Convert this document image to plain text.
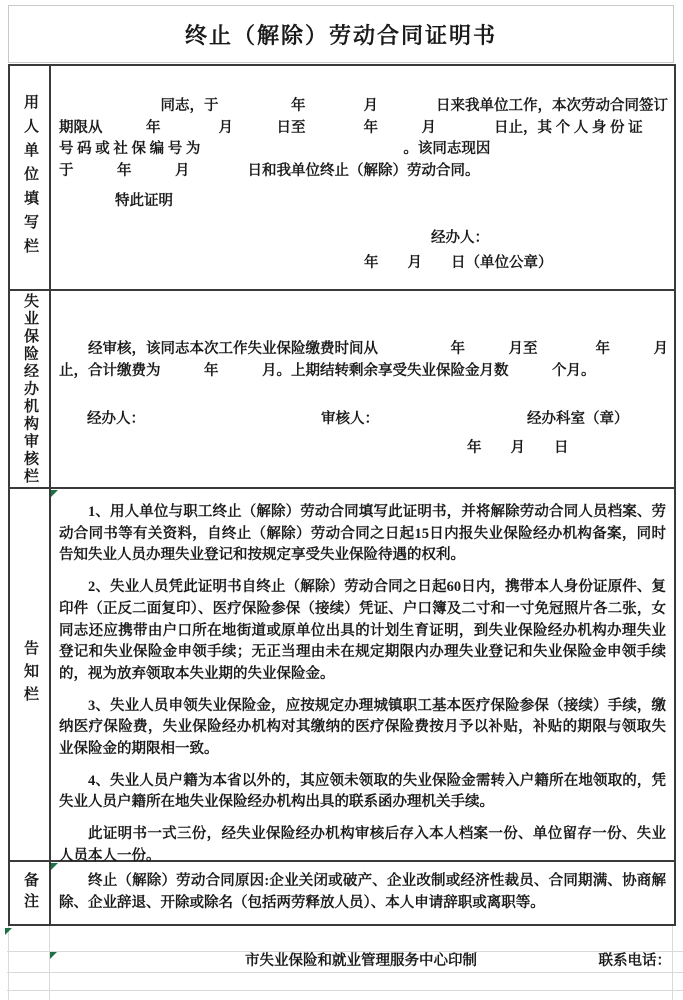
终止（解除）劳动合同证明书
用人单位填写栏	　　　　　　　同志，于　　　　　年　　　　月　　　　日来我单位工作，本次劳动合同签订
期限从　　　年　　　　月　　　日至　　　　年　　　月　　　　日止，其 个 人 身 份 证
号 码 或 社 保 编 号 为　　　　　　　　　　　　　　。该同志现因
于　　　年　　　月　　　　日和我单位终止（解除）劳动合同。
特此证明
经办人：
年　　月　　日（单位公章）
失业保险经办机构审核栏	　　经审核，该同志本次工作失业保险缴费时间从　　　　　年　　　月至　　　　年　　　月
止，合计缴费为　　　年　　　月。上期结转剩余享受失业保险金月数　　　个月。
经办人：	审核人：	经办科室（章）
年　　月　　日
告知栏

1、用人单位与职工终止（解除）劳动合同填写此证明书，并将解除劳动合同人员档案、劳动合同书等有关资料，自终止（解除）劳动合同之日起15日内报失业保险经办机构备案，同时告知失业人员办理失业登记和按规定享受失业保险待遇的权利。

2、失业人员凭此证明书自终止（解除）劳动合同之日起60日内，携带本人身份证原件、复印件（正反二面复印）、医疗保险参保（接续）凭证、户口簿及二寸和一寸免冠照片各二张，女同志还应携带由户口所在地街道或原单位出具的计划生育证明，到失业保险经办机构办理失业登记和失业保险金申领手续；无正当理由未在规定期限内办理失业登记和失业保险金申领手续的，视为放弃领取本失业期的失业保险金。

3、失业人员申领失业保险金，应按规定办理城镇职工基本医疗保险参保（接续）手续，缴纳医疗保险费，失业保险经办机构对其缴纳的医疗保险费按月予以补贴，补贴的期限与领取失业保险金的期限相一致。

4、失业人员户籍为本省以外的，其应领未领取的失业保险金需转入户籍所在地领取的，凭失业人员户籍所在地失业保险经办机构出具的联系函办理机关手续。

此证明书一式三份，经失业保险经办机构审核后存入本人档案一份、单位留存一份、失业人员本人一份。

备注	终止（解除）劳动合同原因:企业关闭或破产、企业改制或经济性裁员、合同期满、协商解除、企业辞退、开除或除名（包括两劳释放人员）、本人申请辞职或离职等。

市失业保险和就业管理服务中心印制	联系电话：
